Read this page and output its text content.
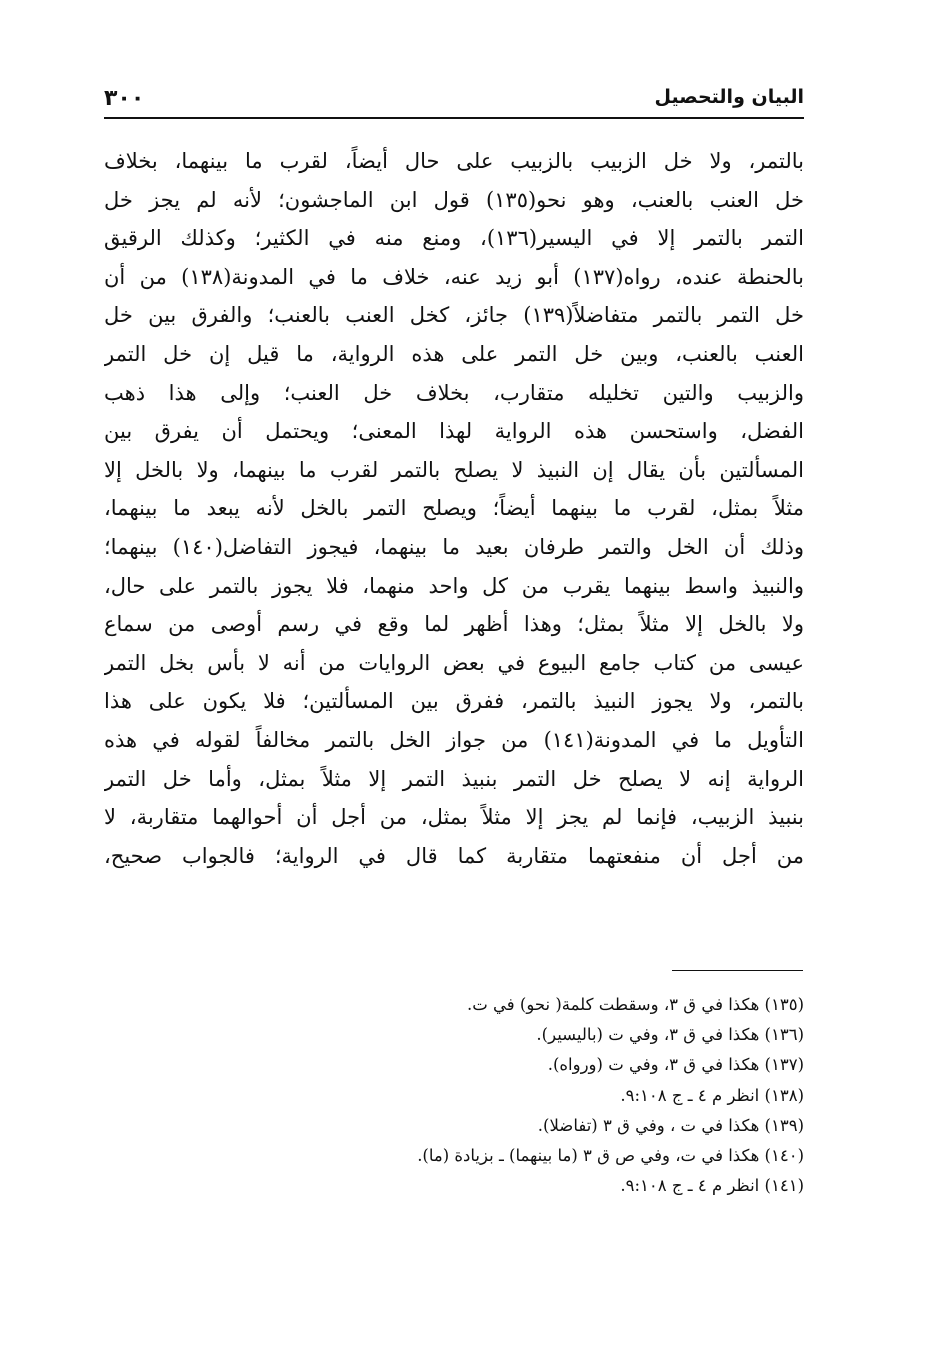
٣٠٠	البيان والتحصيل
بالتمر، ولا خل الزبيب بالزبيب على حال أيضاً، لقرب ما بينهما، بخلاف
خل العنب بالعنب، وهو نحو(١٣٥) قول ابن الماجشون؛ لأنه لم يجز خل
التمر بالتمر إلا في اليسير(١٣٦)، ومنع منه في الكثير؛ وكذلك الرقيق
بالحنطة عنده، رواه(١٣٧) أبو زيد عنه، خلاف ما في المدونة(١٣٨) من أن
خل التمر بالتمر متفاضلاً(١٣٩) جائز، كخل العنب بالعنب؛ والفرق بين خل
العنب بالعنب، وبين خل التمر على هذه الرواية، ما قيل إن خل التمر
والزبيب والتين تخليله متقارب، بخلاف خل العنب؛ وإلى هذا ذهب
الفضل، واستحسن هذه الرواية لهذا المعنى؛ ويحتمل أن يفرق بين
المسألتين بأن يقال إن النبيذ لا يصلح بالتمر لقرب ما بينهما، ولا بالخل إلا
مثلاً بمثل، لقرب ما بينهما أيضاً؛ ويصلح التمر بالخل لأنه يبعد ما بينهما،
وذلك أن الخل والتمر طرفان بعيد ما بينهما، فيجوز التفاضل(١٤٠) بينهما؛
والنبيذ واسط بينهما يقرب من كل واحد منهما، فلا يجوز بالتمر على حال،
ولا بالخل إلا مثلاً بمثل؛ وهذا أظهر لما وقع في رسم أوصى من سماع
عيسى من كتاب جامع البيوع في بعض الروايات من أنه لا بأس بخل التمر
بالتمر، ولا يجوز النبيذ بالتمر، ففرق بين المسألتين؛ فلا يكون على هذا
التأويل ما في المدونة(١٤١) من جواز الخل بالتمر مخالفاً لقوله في هذه
الرواية إنه لا يصلح خل التمر بنبيذ التمر إلا مثلاً بمثل، وأما خل التمر
بنبيذ الزبيب، فإنما لم يجز إلا مثلاً بمثل، من أجل أن أحوالهما متقاربة، لا
من أجل أن منفعتهما متقاربة كما قال في الرواية؛ فالجواب صحيح،
(١٣٥) هكذا في ق ٣، وسقطت كلمة( نحو) في ت.
(١٣٦) هكذا في ق ٣، وفي ت (باليسير).
(١٣٧) هكذا في ق ٣، وفي ت (ورواه).
(١٣٨) انظر م ٤ ـ ج ٩:١٠٨.
(١٣٩) هكذا في ت ، وفي ق ٣ (تفاضلا).
(١٤٠) هكذا في ت، وفي ص ق ٣ (ما بينهما) ـ بزيادة (ما).
(١٤١) انظر م ٤ ـ ج ٩:١٠٨.
